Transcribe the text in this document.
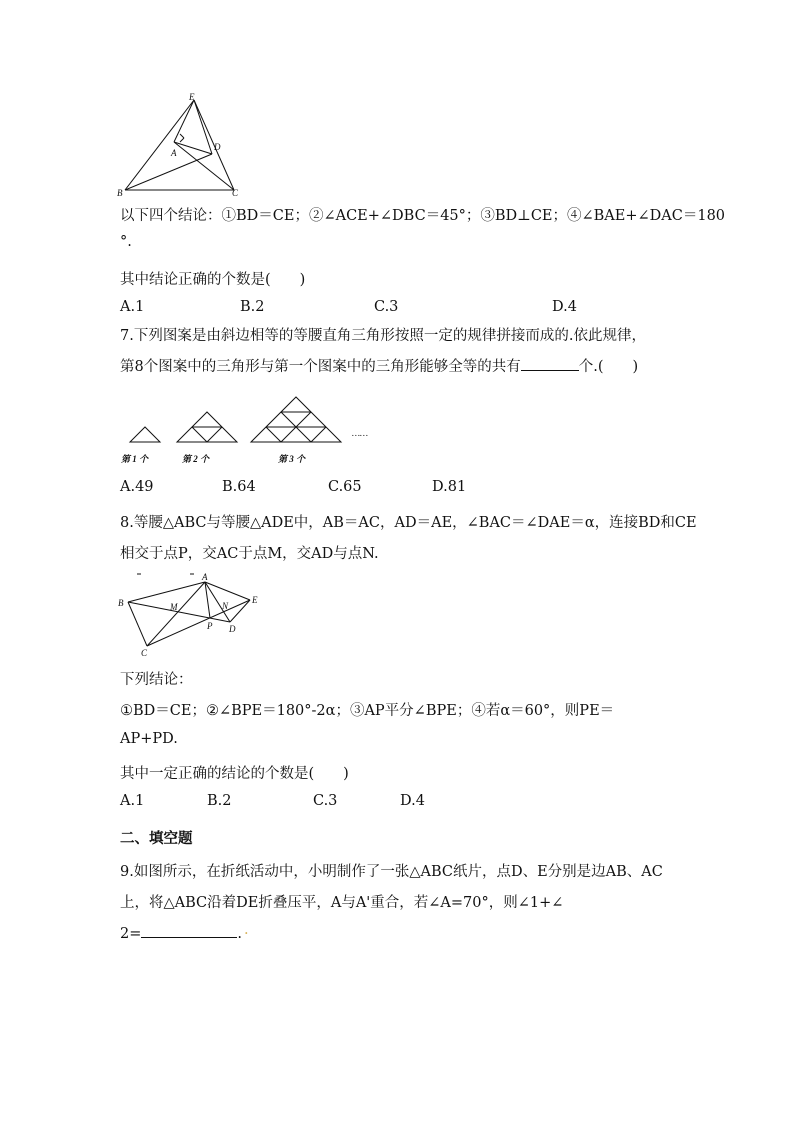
E
A
D
B	C
以下四个结论：①BD＝CE；②∠ACE+∠DBC＝45°；③BD⊥CE；④∠BAE+∠DAC＝180
°.
其中结论正确的个数是(　　)
A.1	B.2	C.3	D.4
7.下列图案是由斜边相等的等腰直角三角形按照一定的规律拼接而成的.依此规律，
第8个图案中的三角形与第一个图案中的三角形能够全等的共有	个.(　　)
第 1 个	第 2 个	第 3 个
……
A.49	B.64	C.65	D.81
8.等腰△ABC与等腰△ADE中，AB＝AC，AD＝AE，∠BAC＝∠DAE＝α，连接BD和CE
相交于点P，交AC于点M，交AD与点N.
A
B	M	N
E
P D
C
下列结论：
①BD＝CE；②∠BPE＝180°-2α；③AP平分∠BPE；④若α＝60°，则PE＝
AP+PD.
其中一定正确的结论的个数是(　　)
A.1	B.2	C.3	D.4
二、填空题
9.如图所示，在折纸活动中，小明制作了一张△ABC纸片，点D、E分别是边AB、AC
上，将△ABC沿着DE折叠压平，A与A'重合，若∠A=70°，则∠1+∠
2=	. ·
